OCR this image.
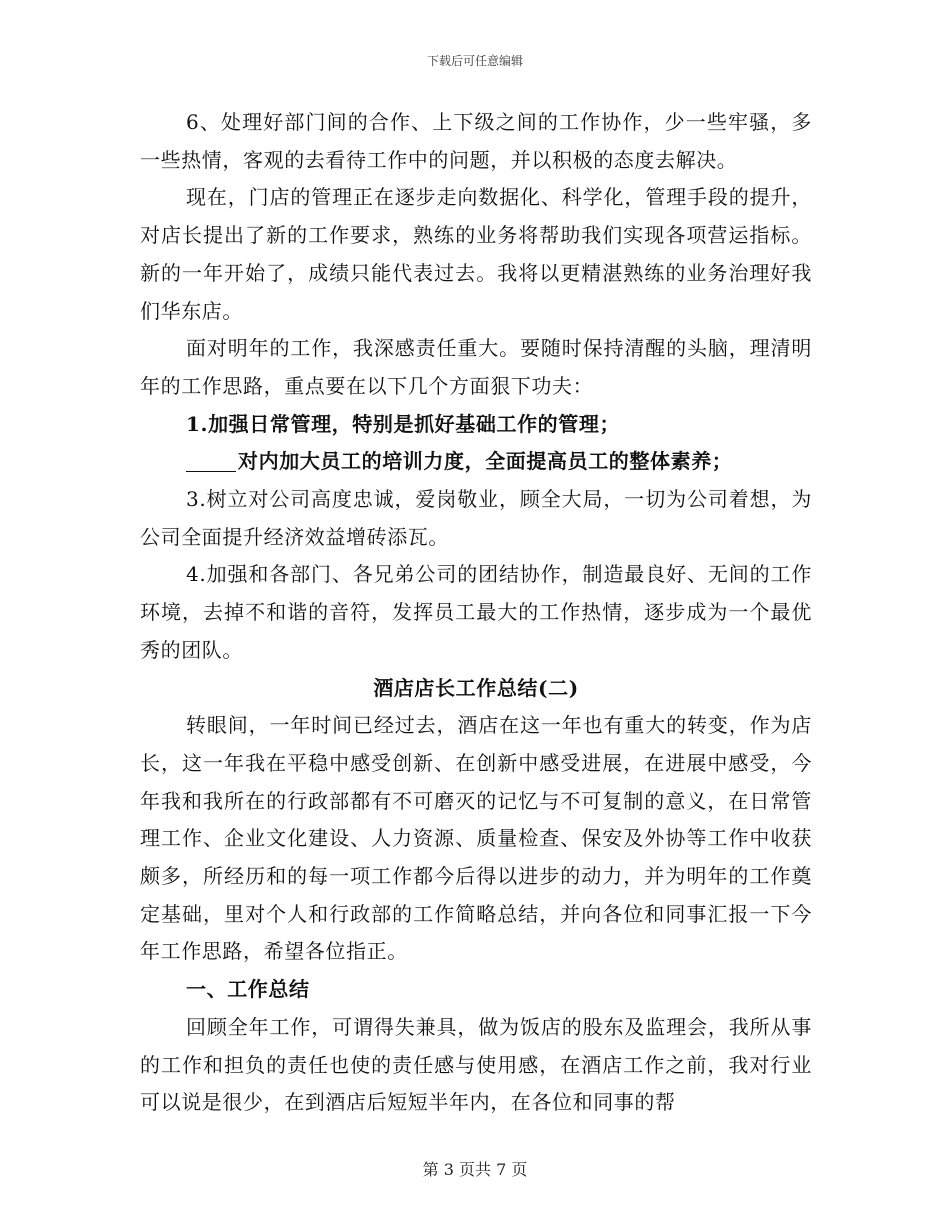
下载后可任意编辑

6、处理好部门间的合作、上下级之间的工作协作，少一些牢骚，多一些热情，客观的去看待工作中的问题，并以积极的态度去解决。

现在，门店的管理正在逐步走向数据化、科学化，管理手段的提升，对店长提出了新的工作要求，熟练的业务将帮助我们实现各项营运指标。新的一年开始了，成绩只能代表过去。我将以更精湛熟练的业务治理好我们华东店。

面对明年的工作，我深感责任重大。要随时保持清醒的头脑，理清明年的工作思路，重点要在以下几个方面狠下功夫：

1.加强日常管理，特别是抓好基础工作的管理；

对内加大员工的培训力度，全面提高员工的整体素养；

3.树立对公司高度忠诚，爱岗敬业，顾全大局，一切为公司着想，为公司全面提升经济效益增砖添瓦。

4.加强和各部门、各兄弟公司的团结协作，制造最良好、无间的工作环境，去掉不和谐的音符，发挥员工最大的工作热情，逐步成为一个最优秀的团队。

酒店店长工作总结(二)

转眼间，一年时间已经过去，酒店在这一年也有重大的转变，作为店长，这一年我在平稳中感受创新、在创新中感受进展，在进展中感受，今年我和我所在的行政部都有不可磨灭的记忆与不可复制的意义，在日常管理工作、企业文化建设、人力资源、质量检查、保安及外协等工作中收获颇多，所经历和的每一项工作都今后得以进步的动力，并为明年的工作奠定基础，里对个人和行政部的工作简略总结，并向各位和同事汇报一下今年工作思路，希望各位指正。

一、工作总结

回顾全年工作，可谓得失兼具，做为饭店的股东及监理会，我所从事的工作和担负的责任也使的责任感与使用感，在酒店工作之前，我对行业可以说是很少，在到酒店后短短半年内，在各位和同事的帮

第 3 页共 7 页
